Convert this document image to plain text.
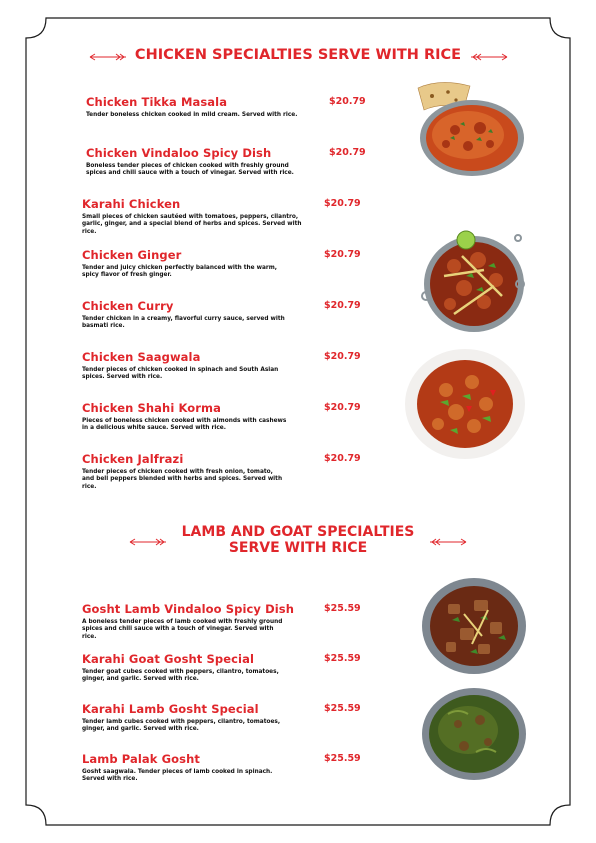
CHICKEN SPECIALTIES SERVE WITH RICE
Chicken Tikka Masala	$20.79
Tender boneless chicken cooked in mild cream. Served with rice.
Chicken Vindaloo Spicy Dish	$20.79
Boneless tender pieces of chicken cooked with freshly ground spices and chili sauce with a touch of vinegar. Served with rice.
Karahi Chicken	$20.79
Small pieces of chicken sautéed with tomatoes, peppers, cilantro, garlic, ginger, and a special blend of herbs and spices. Served with rice.
Chicken Ginger	$20.79
Tender and juicy chicken perfectly balanced with the warm, spicy flavor of fresh ginger.
Chicken Curry	$20.79
Tender chicken in a creamy, flavorful curry sauce, served with basmati rice.
Chicken Saagwala	$20.79
Tender pieces of chicken cooked in spinach and South Asian spices. Served with rice.
Chicken Shahi Korma	$20.79
Pieces of boneless chicken cooked with almonds with cashews in a delicious white sauce. Served with rice.
Chicken Jalfrazi	$20.79
Tender pieces of chicken cooked with fresh onion, tomato, and bell peppers blended with herbs and spices. Served with rice.
LAMB AND GOAT SPECIALTIES
SERVE WITH RICE
Gosht Lamb Vindaloo Spicy Dish	$25.59
A boneless tender pieces of lamb cooked with freshly ground spices and chili sauce with a touch of vinegar. Served with rice.
Karahi Goat Gosht Special	$25.59
Tender goat cubes cooked with peppers, cilantro, tomatoes, ginger, and garlic. Served with rice.
Karahi Lamb Gosht Special	$25.59
Tender lamb cubes cooked with peppers, cilantro, tomatoes, ginger, and garlic. Served with rice.
Lamb Palak Gosht	$25.59
Gosht saagwala. Tender pieces of lamb cooked in spinach. Served with rice.
